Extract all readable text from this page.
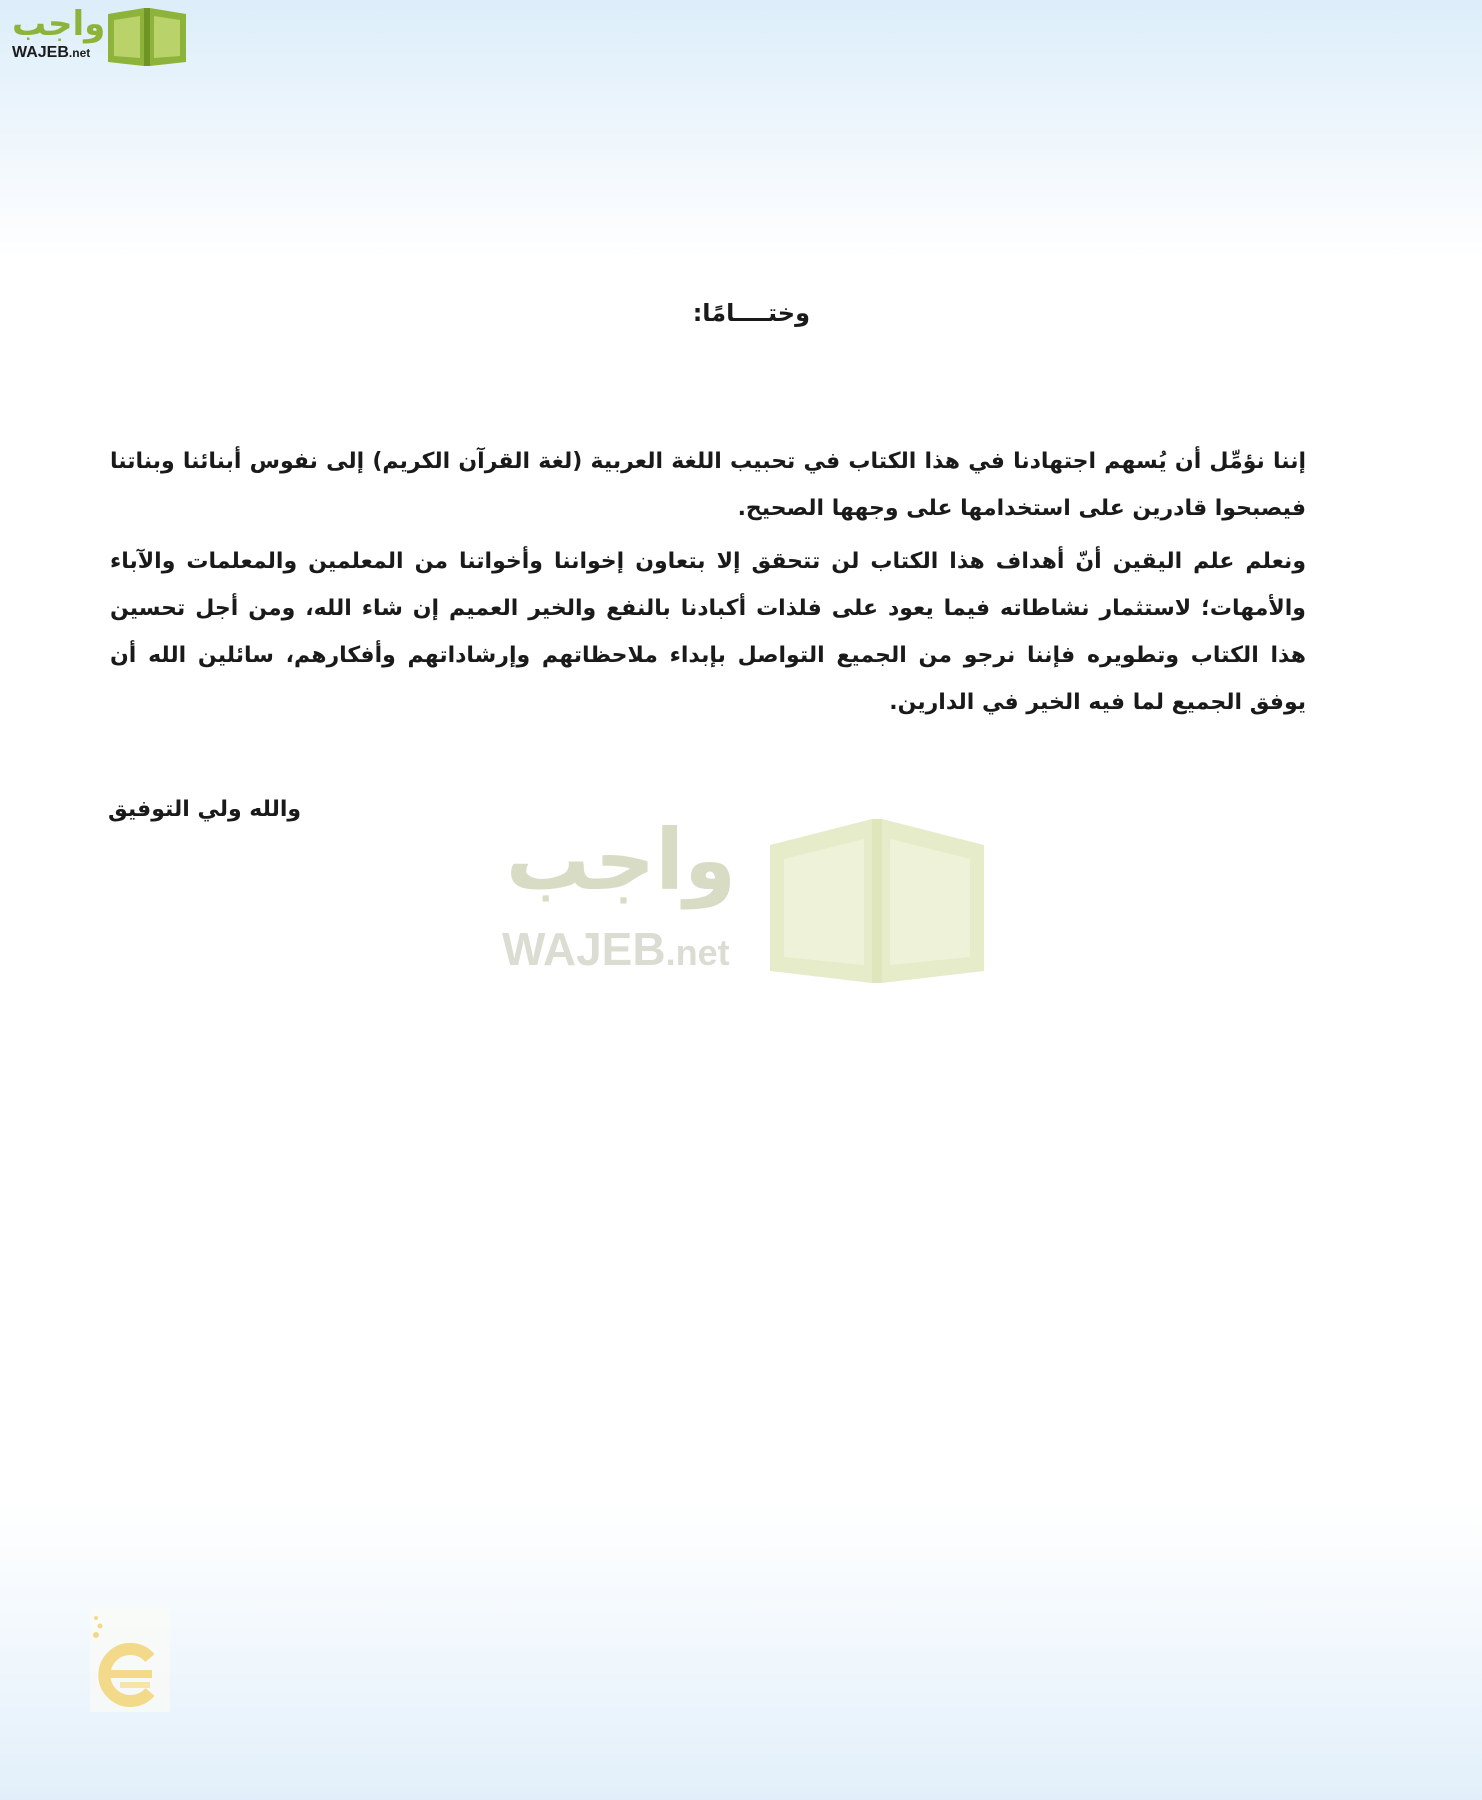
واجب
WAJEB.net
وختــــامًا:

إننا نؤمِّل أن يُسهم اجتهادنا في هذا الكتاب في تحبيب اللغة العربية (لغة القرآن الكريم) إلى نفوس أبنائنا وبناتنا فيصبحوا قادرين على استخدامها على وجهها الصحيح.

ونعلم علم اليقين أنّ أهداف هذا الكتاب لن تتحقق إلا بتعاون إخواننا وأخواتنا من المعلمين والمعلمات والآباء والأمهات؛ لاستثمار نشاطاته فيما يعود على فلذات أكبادنا بالنفع والخير العميم إن شاء الله، ومن أجل تحسين هذا الكتاب وتطويره فإننا نرجو من الجميع التواصل بإبداء ملاحظاتهم وإرشاداتهم وأفكارهم، سائلين الله أن يوفق الجميع لما فيه الخير في الدارين.

والله ولي التوفيق
واجب
WAJEB.net
